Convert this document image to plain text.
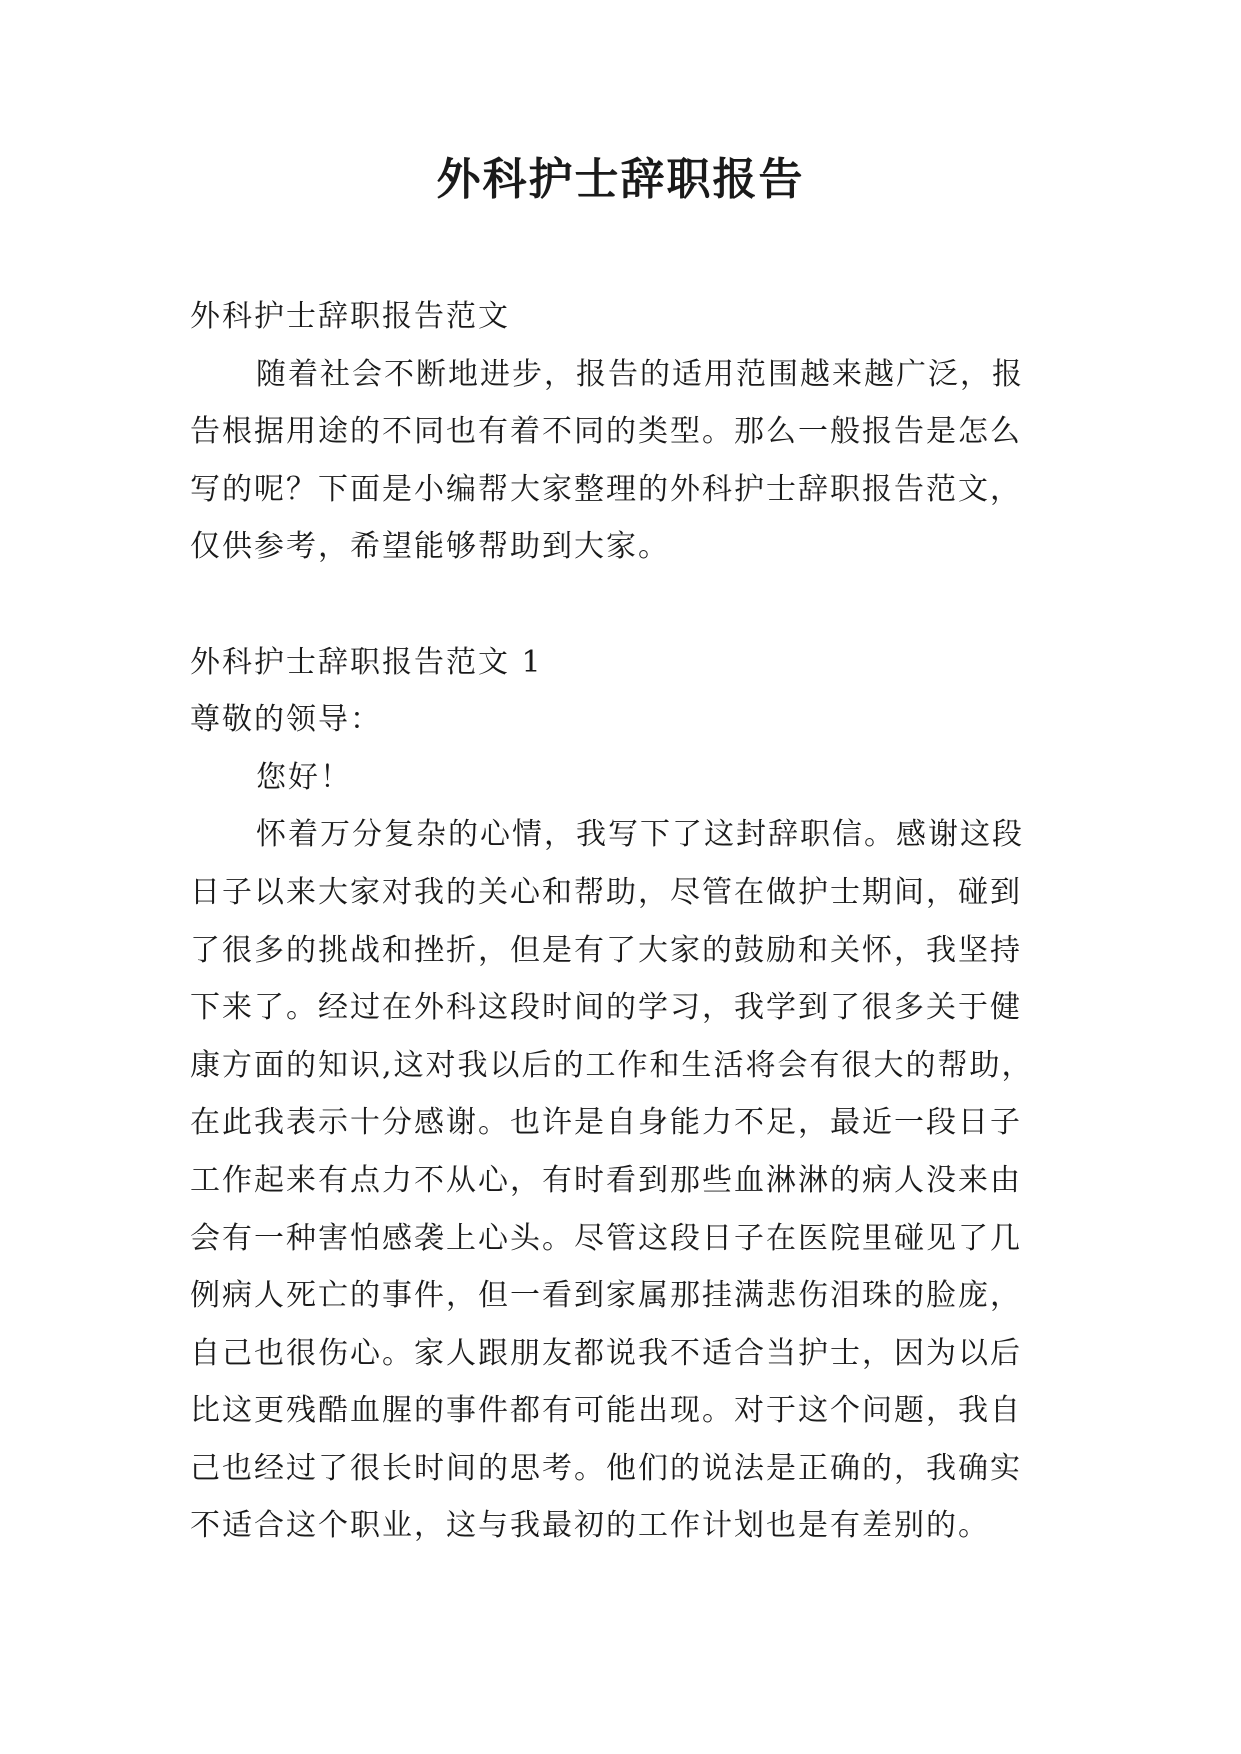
外科护士辞职报告
外科护士辞职报告范文
随着社会不断地进步，报告的适用范围越来越广泛，报
告根据用途的不同也有着不同的类型。那么一般报告是怎么
写的呢？下面是小编帮大家整理的外科护士辞职报告范文，
仅供参考，希望能够帮助到大家。
外科护士辞职报告范文 1
尊敬的领导：
您好！
怀着万分复杂的心情，我写下了这封辞职信。感谢这段
日子以来大家对我的关心和帮助，尽管在做护士期间，碰到
了很多的挑战和挫折，但是有了大家的鼓励和关怀，我坚持
下来了。经过在外科这段时间的学习，我学到了很多关于健
康方面的知识,这对我以后的工作和生活将会有很大的帮助，
在此我表示十分感谢。也许是自身能力不足，最近一段日子
工作起来有点力不从心，有时看到那些血淋淋的病人没来由
会有一种害怕感袭上心头。尽管这段日子在医院里碰见了几
例病人死亡的事件，但一看到家属那挂满悲伤泪珠的脸庞，
自己也很伤心。家人跟朋友都说我不适合当护士，因为以后
比这更残酷血腥的事件都有可能出现。对于这个问题，我自
己也经过了很长时间的思考。他们的说法是正确的，我确实
不适合这个职业，这与我最初的工作计划也是有差别的。
